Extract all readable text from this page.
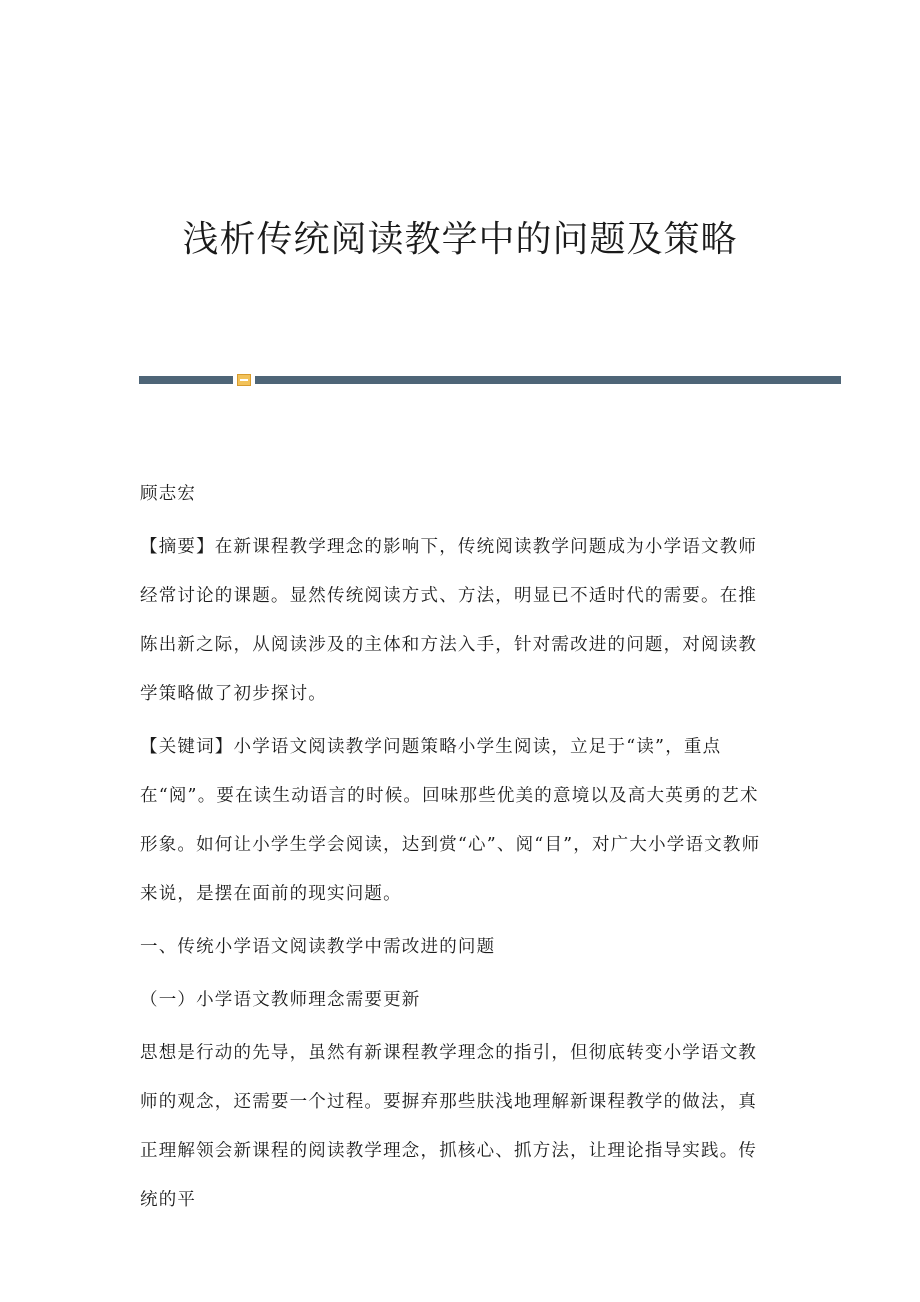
浅析传统阅读教学中的问题及策略

顾志宏

【摘要】在新课程教学理念的影响下，传统阅读教学问题成为小学语文教师经常讨论的课题。显然传统阅读方式、方法，明显已不适时代的需要。在推陈出新之际，从阅读涉及的主体和方法入手，针对需改进的问题，对阅读教学策略做了初步探讨。

【关键词】小学语文阅读教学问题策略小学生阅读，立足于“读”，重点在“阅”。要在读生动语言的时候。回味那些优美的意境以及高大英勇的艺术形象。如何让小学生学会阅读，达到赏“心”、阅“目”，对广大小学语文教师来说，是摆在面前的现实问题。

一、传统小学语文阅读教学中需改进的问题

（一）小学语文教师理念需要更新

思想是行动的先导，虽然有新课程教学理念的指引，但彻底转变小学语文教师的观念，还需要一个过程。要摒弃那些肤浅地理解新课程教学的做法，真正理解领会新课程的阅读教学理念，抓核心、抓方法，让理论指导实践。传统的平
